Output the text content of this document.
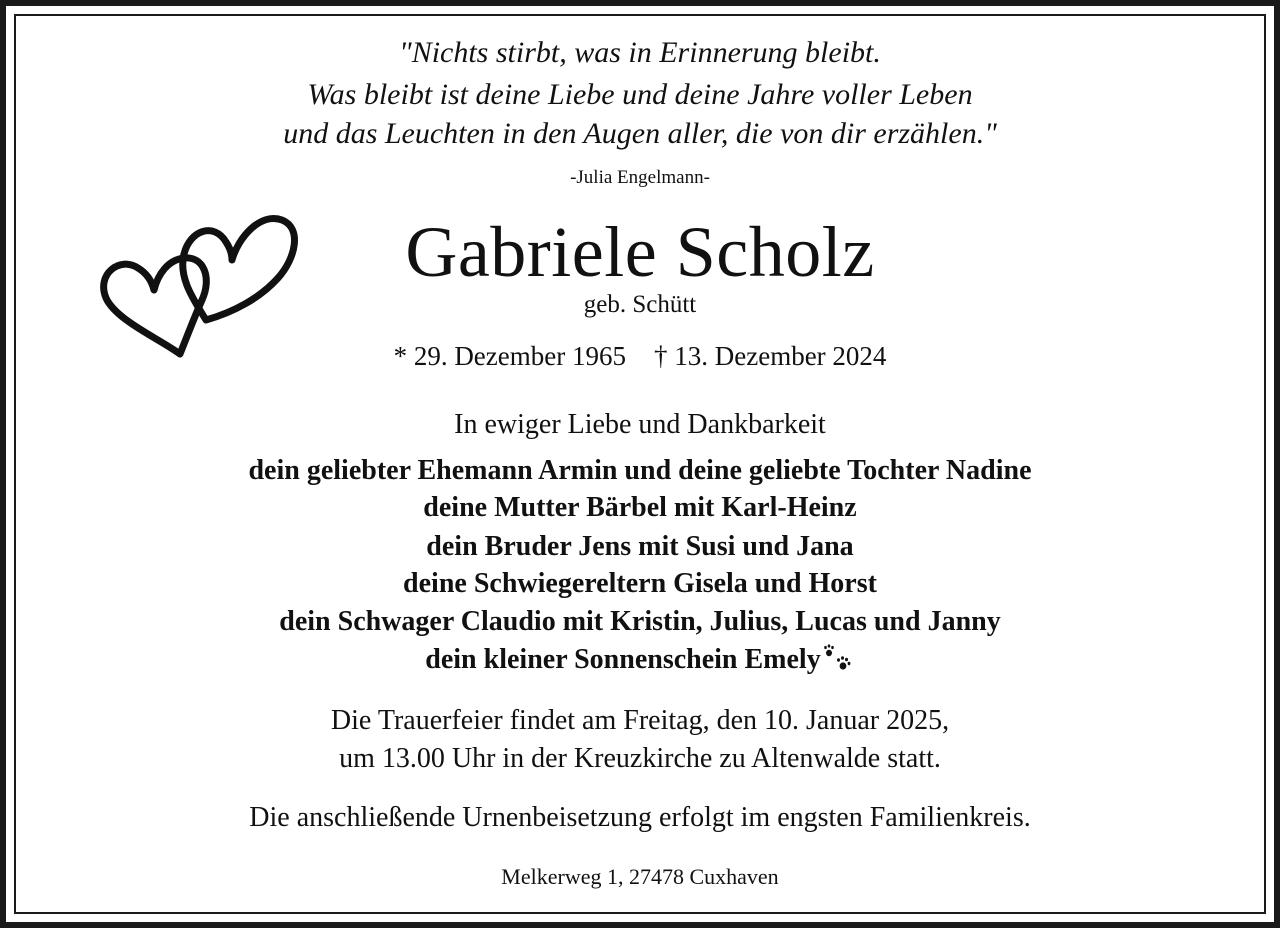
"Nichts stirbt, was in Erinnerung bleibt.

Was bleibt ist deine Liebe und deine Jahre voller Leben

und das Leuchten in den Augen aller, die von dir erzählen."

-Julia Engelmann-

Gabriele Scholz

geb. Schütt

* 29. Dezember 1965 † 13. Dezember 2024

In ewiger Liebe und Dankbarkeit

dein geliebter Ehemann Armin und deine geliebte Tochter Nadine

deine Mutter Bärbel mit Karl-Heinz

dein Bruder Jens mit Susi und Jana

deine Schwiegereltern Gisela und Horst

dein Schwager Claudio mit Kristin, Julius, Lucas und Janny

dein kleiner Sonnenschein Emely

Die Trauerfeier findet am Freitag, den 10. Januar 2025,

um 13.00 Uhr in der Kreuzkirche zu Altenwalde statt.

Die anschließende Urnenbeisetzung erfolgt im engsten Familienkreis.

Melkerweg 1, 27478 Cuxhaven
